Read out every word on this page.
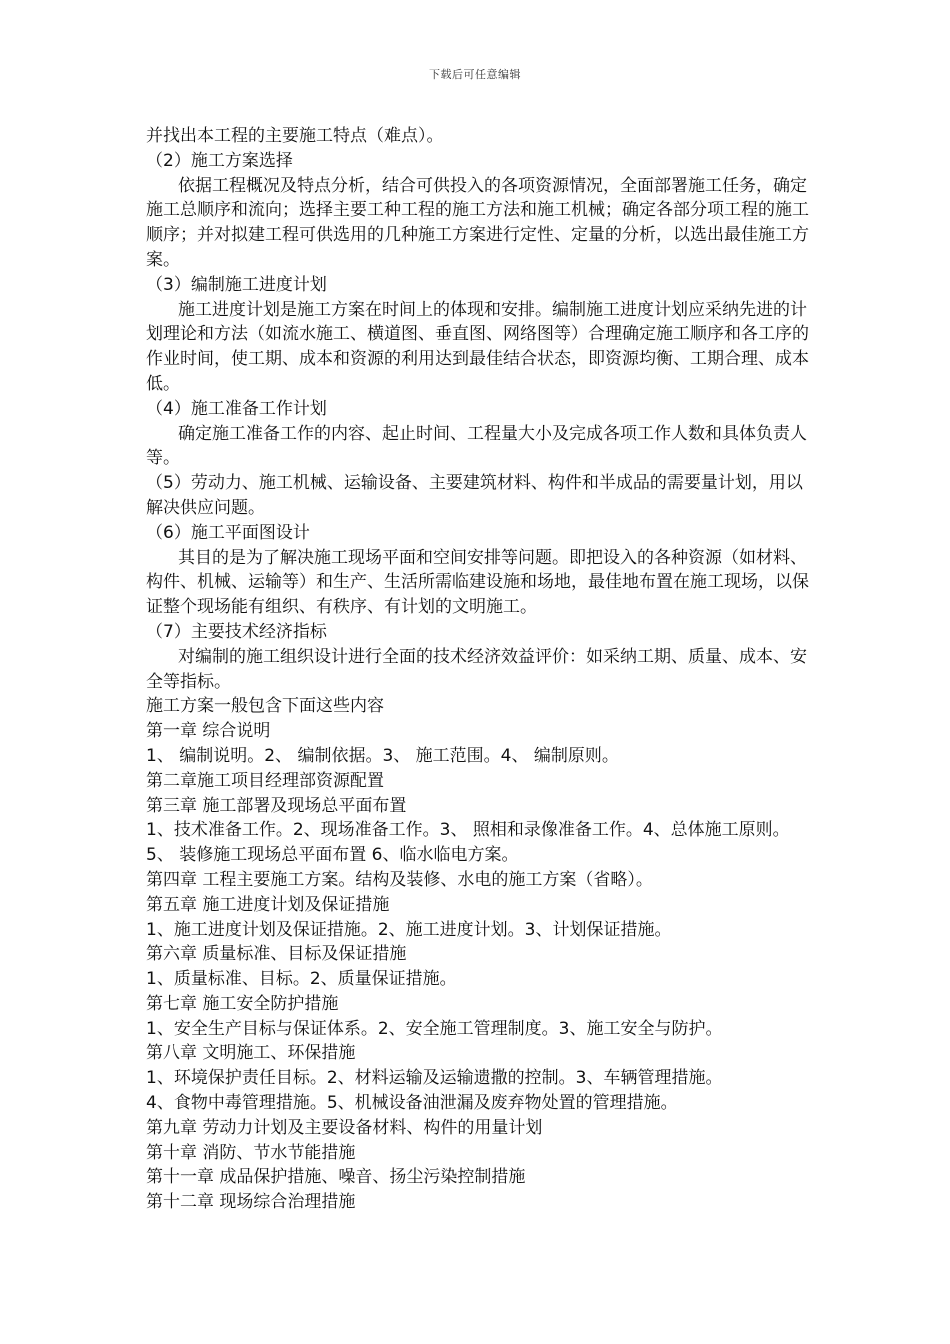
下载后可任意编辑

并找出本工程的主要施工特点（难点）。

（2）施工方案选择

依据工程概况及特点分析，结合可供投入的各项资源情况，全面部署施工任务，确定施工总顺序和流向；选择主要工种工程的施工方法和施工机械；确定各部分项工程的施工顺序；并对拟建工程可供选用的几种施工方案进行定性、定量的分析，以选出最佳施工方案。

（3）编制施工进度计划

施工进度计划是施工方案在时间上的体现和安排。编制施工进度计划应采纳先进的计划理论和方法（如流水施工、横道图、垂直图、网络图等）合理确定施工顺序和各工序的作业时间，使工期、成本和资源的利用达到最佳结合状态，即资源均衡、工期合理、成本低。

（4）施工准备工作计划

确定施工准备工作的内容、起止时间、工程量大小及完成各项工作人数和具体负责人等。

（5）劳动力、施工机械、运输设备、主要建筑材料、构件和半成品的需要量计划，用以解决供应问题。

（6）施工平面图设计

其目的是为了解决施工现场平面和空间安排等问题。即把设入的各种资源（如材料、构件、机械、运输等）和生产、生活所需临建设施和场地，最佳地布置在施工现场，以保证整个现场能有组织、有秩序、有计划的文明施工。

（7）主要技术经济指标

对编制的施工组织设计进行全面的技术经济效益评价：如采纳工期、质量、成本、安全等指标。

施工方案一般包含下面这些内容

第一章 综合说明

1、 编制说明。2、 编制依据。3、 施工范围。4、 编制原则。

第二章施工项目经理部资源配置

第三章 施工部署及现场总平面布置

1、技术准备工作。2、现场准备工作。3、 照相和录像准备工作。4、总体施工原则。5、 装修施工现场总平面布置 6、临水临电方案。

第四章 工程主要施工方案。结构及装修、水电的施工方案（省略）。

第五章 施工进度计划及保证措施

1、施工进度计划及保证措施。2、施工进度计划。3、计划保证措施。

第六章 质量标准、目标及保证措施

1、质量标准、目标。2、质量保证措施。

第七章 施工安全防护措施

1、安全生产目标与保证体系。2、安全施工管理制度。3、施工安全与防护。

第八章 文明施工、环保措施

1、环境保护责任目标。2、材料运输及运输遗撒的控制。3、车辆管理措施。

4、食物中毒管理措施。5、机械设备油泄漏及废弃物处置的管理措施。

第九章 劳动力计划及主要设备材料、构件的用量计划

第十章 消防、节水节能措施

第十一章 成品保护措施、噪音、扬尘污染控制措施

第十二章 现场综合治理措施
